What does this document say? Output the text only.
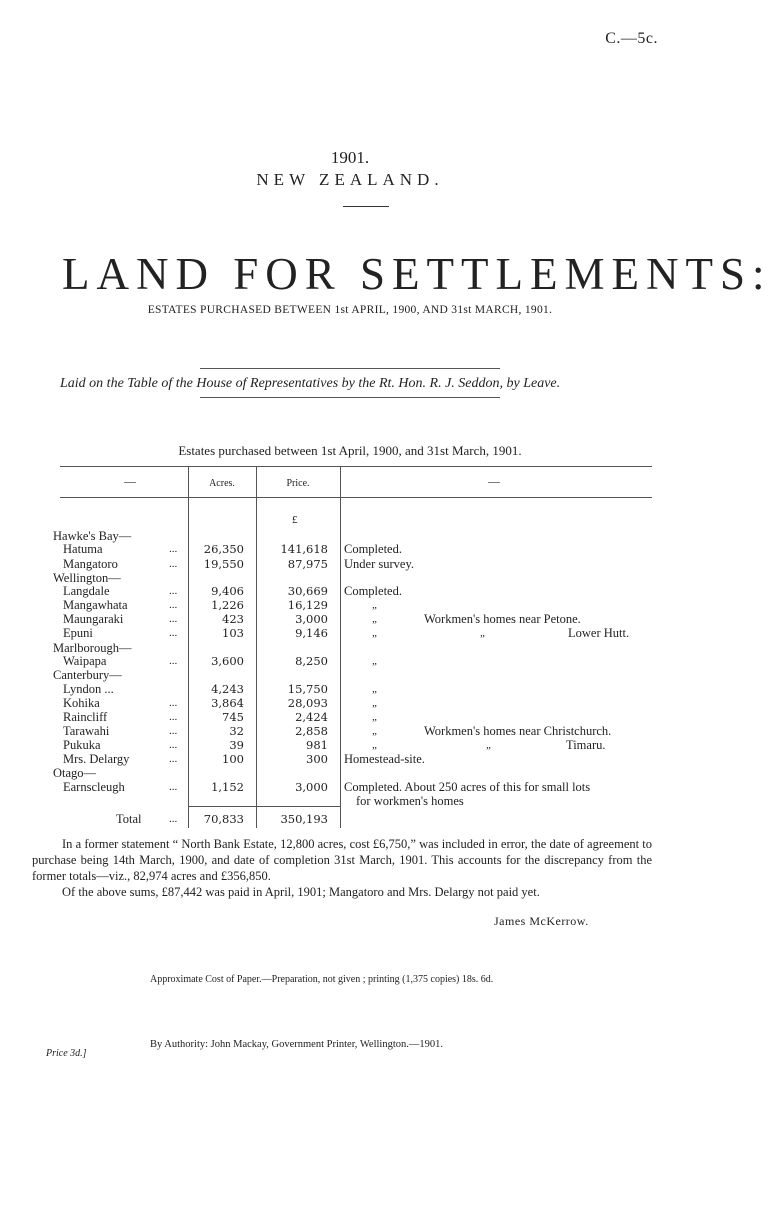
C.—5c.
1901.
NEW ZEALAND.
LAND FOR SETTLEMENTS:
ESTATES PURCHASED BETWEEN 1st APRIL, 1900, AND 31st MARCH, 1901.
Laid on the Table of the House of Representatives by the Rt. Hon. R. J. Seddon, by Leave.
Estates purchased between 1st April, 1900, and 31st March, 1901.
—	Acres.	Price.	—
£
Hawke's Bay—
Hatuma	...	26,350	141,618 Completed.
Mangatoro	...	19,550	87,975 Under survey.
Wellington—
Langdale	...	9,406	30,669 Completed.
Mangawhata	...	1,226	16,129	„
Maungaraki	...	423	3,000	„	Workmen's homes near Petone.
Epuni	...	103	9,146	„	„	Lower Hutt.
Marlborough—
Waipapa	...	3,600	8,250	„
Canterbury—
Lyndon ...	4,243	15,750	„
Kohika	...	3,864	28,093	„
Raincliff	...	745	2,424	„
Tarawahi	...	32	2,858	„	Workmen's homes near Christchurch.
Pukuka	...	39	981	„	„	Timaru.
Mrs. Delargy	...	100	300 Homestead-site.
Otago—
Earnscleugh	...	1,152	3,000 Completed. About 250 acres of this for small lots
for workmen's homes
Total ...	70,833	350,193
In a former statement “ North Bank Estate, 12,800 acres, cost £6,750,” was included in error, the date of agreement to purchase being 14th March, 1900, and date of completion 31st March, 1901. This accounts for the discrepancy from the former totals—viz., 82,974 acres and £356,850.
Of the above sums, £87,442 was paid in April, 1901; Mangatoro and Mrs. Delargy not paid yet.
James McKerrow.
Approximate Cost of Paper.—Preparation, not given ; printing (1,375 copies) 18s. 6d.
By Authority: John Mackay, Government Printer, Wellington.—1901.
Price 3d.]
